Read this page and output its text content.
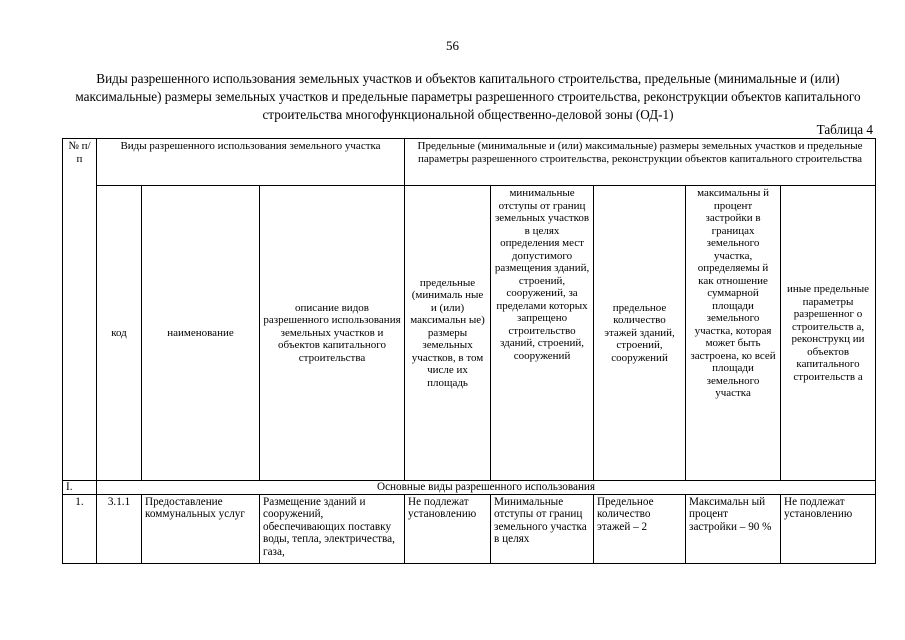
56
Виды разрешенного использования земельных участков и объектов капитального строительства, предельные (минимальные и (или) максимальные) размеры земельных участков и предельные параметры разрешенного строительства, реконструкции объектов капитального строительства многофункциональной общественно-деловой зоны (ОД-1)
Таблица 4
№ п/ п	Виды разрешенного использования земельного участка			Предельные (минимальные и (или) максимальные) размеры земельных участков и предельные параметры разрешенного строительства, реконструкции объектов капитального строительства				
	код	наименование	описание видов разрешенного использования земельных участков и объектов капитального строительства	предельные (минималь ные и (или) максимальн ые) размеры земельных участков, в том числе их площадь	минимальные отступы от границ земельных участков в целях определения мест допустимого размещения зданий, строений, сооружений, за пределами которых запрещено строительство зданий, строений, сооружений	предельное количество этажей зданий, строений, сооружений	максимальны й процент застройки в границах земельного участка, определяемы й как отношение суммарной площади земельного участка, которая может быть застроена, ко всей площади земельного участка	иные предельные параметры разрешенног о строительств а, реконструкц ии объектов капитального строительств а
I.	Основные виды разрешенного использования							
1.	3.1.1	Предоставление коммунальных услуг	Размещение зданий и сооружений, обеспечивающих поставку воды, тепла, электричества, газа,	Не подлежат установлению	Минимальные отступы от границ земельного участка в целях	Предельное количество этажей – 2	Максимальн ый процент застройки – 90 %	Не подлежат установлению
